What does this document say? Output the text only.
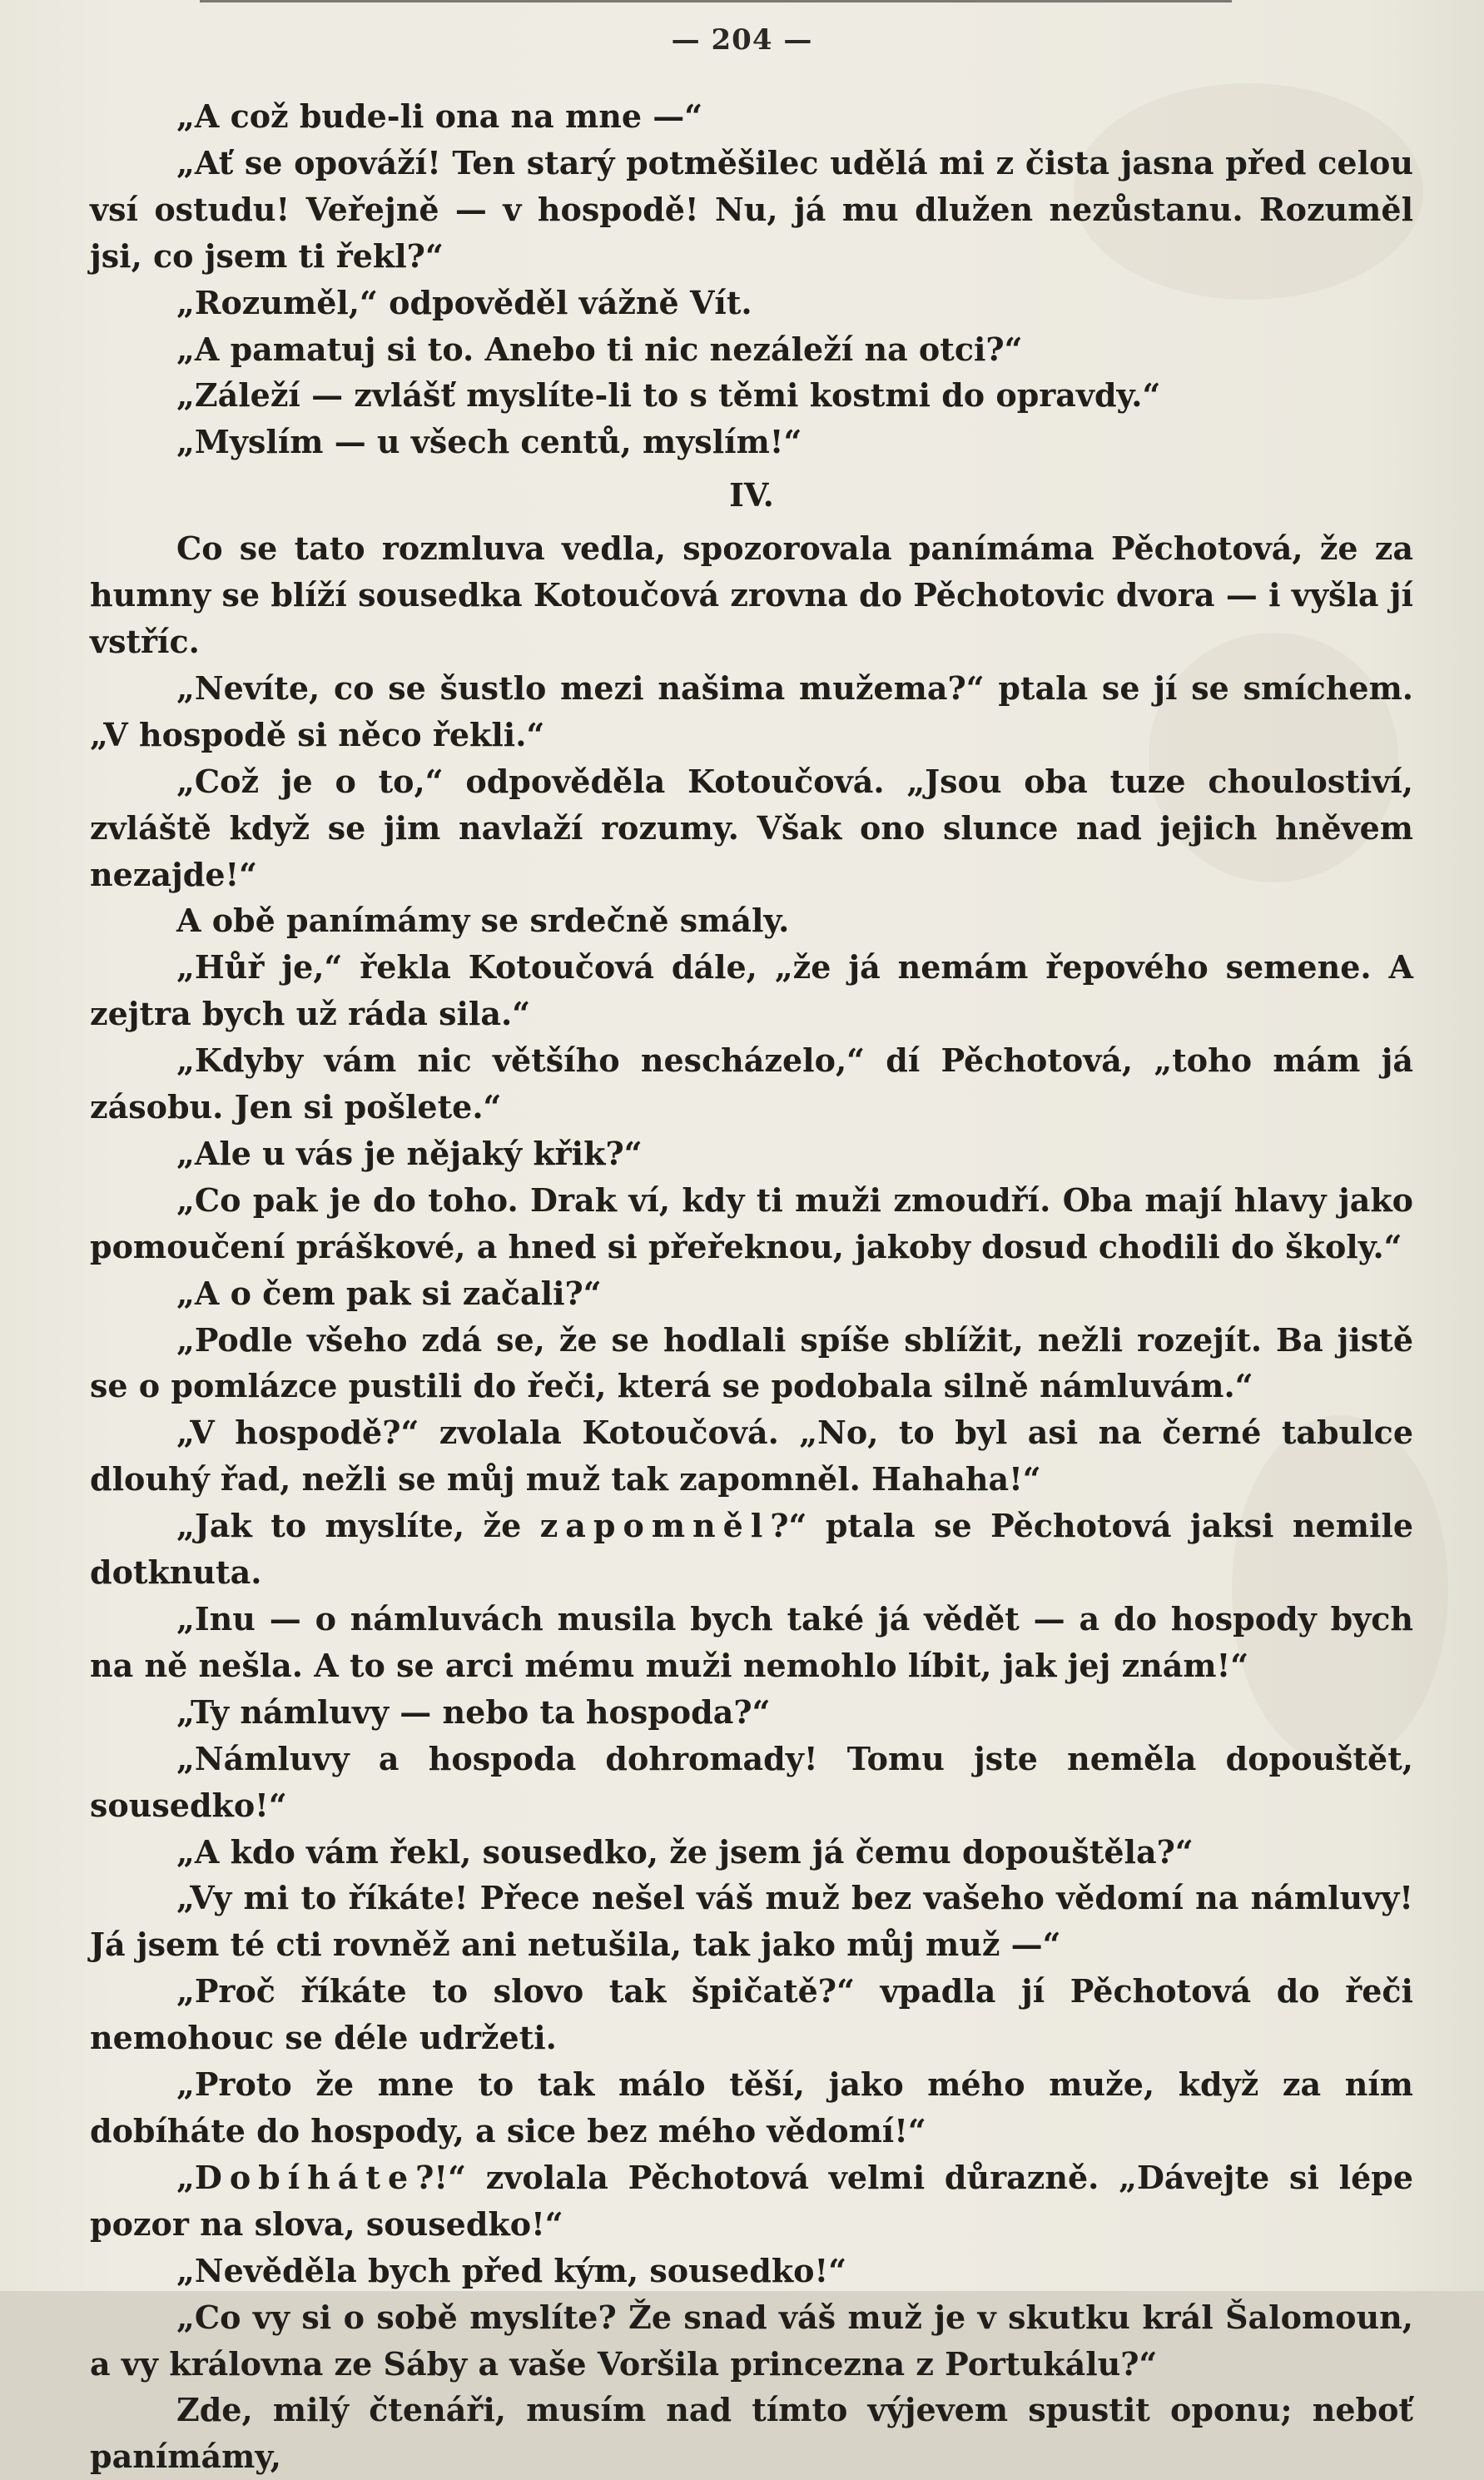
— 204 —

„A což bude-li ona na mne —“

„Ať se opováží! Ten starý potměšilec udělá mi z čista jasna před celou vsí ostudu! Veřejně — v hospodě! Nu, já mu dlužen nezůstanu. Rozuměl jsi, co jsem ti řekl?“

„Rozuměl,“ odpověděl vážně Vít.

„A pamatuj si to. Anebo ti nic nezáleží na otci?“

„Záleží — zvlášť myslíte-li to s těmi kostmi do opravdy.“

„Myslím — u všech centů, myslím!“

IV.

Co se tato rozmluva vedla, spozorovala panímáma Pěchotová, že za humny se blíží sousedka Kotoučová zrovna do Pěchotovic dvora — i vyšla jí vstříc.

„Nevíte, co se šustlo mezi našima mužema?“ ptala se jí se smíchem. „V hospodě si něco řekli.“

„Což je o to,“ odpověděla Kotoučová. „Jsou oba tuze choulostiví, zvláště když se jim navlaží rozumy. Však ono slunce nad jejich hněvem nezajde!“

A obě panímámy se srdečně smály.

„Hůř je,“ řekla Kotoučová dále, „že já nemám řepového semene. A zejtra bych už ráda sila.“

„Kdyby vám nic většího nescházelo,“ dí Pěchotová, „toho mám já zásobu. Jen si pošlete.“

„Ale u vás je nějaký křik?“

„Co pak je do toho. Drak ví, kdy ti muži zmoudří. Oba mají hlavy jako pomoučení práškové, a hned si přeřeknou, jakoby dosud chodili do školy.“

„A o čem pak si začali?“

„Podle všeho zdá se, že se hodlali spíše sblížit, nežli rozejít. Ba jistě se o pomlázce pustili do řeči, která se podobala silně námluvám.“

„V hospodě?“ zvolala Kotoučová. „No, to byl asi na černé tabulce dlouhý řad, nežli se můj muž tak zapomněl. Hahaha!“

„Jak to myslíte, že zapomněl?“ ptala se Pěchotová jaksi nemile dotknuta.

„Inu — o námluvách musila bych také já vědět — a do hospody bych na ně nešla. A to se arci mému muži nemohlo líbit, jak jej znám!“

„Ty námluvy — nebo ta hospoda?“

„Námluvy a hospoda dohromady! Tomu jste neměla dopouštět, sousedko!“

„A kdo vám řekl, sousedko, že jsem já čemu dopouštěla?“

„Vy mi to říkáte! Přece nešel váš muž bez vašeho vědomí na námluvy! Já jsem té cti rovněž ani netušila, tak jako můj muž —“

„Proč říkáte to slovo tak špičatě?“ vpadla jí Pěchotová do řeči nemohouc se déle udržeti.

„Proto že mne to tak málo těší, jako mého muže, když za ním dobíháte do hospody, a sice bez mého vědomí!“

„Dobíháte?!“ zvolala Pěchotová velmi důrazně. „Dávejte si lépe pozor na slova, sousedko!“

„Nevěděla bych před kým, sousedko!“

„Co vy si o sobě myslíte? Že snad váš muž je v skutku král Šalomoun, a vy královna ze Sáby a vaše Voršila princezna z Portukálu?“

Zde, milý čtenáři, musím nad tímto výjevem spustit oponu; neboť panímámy,
